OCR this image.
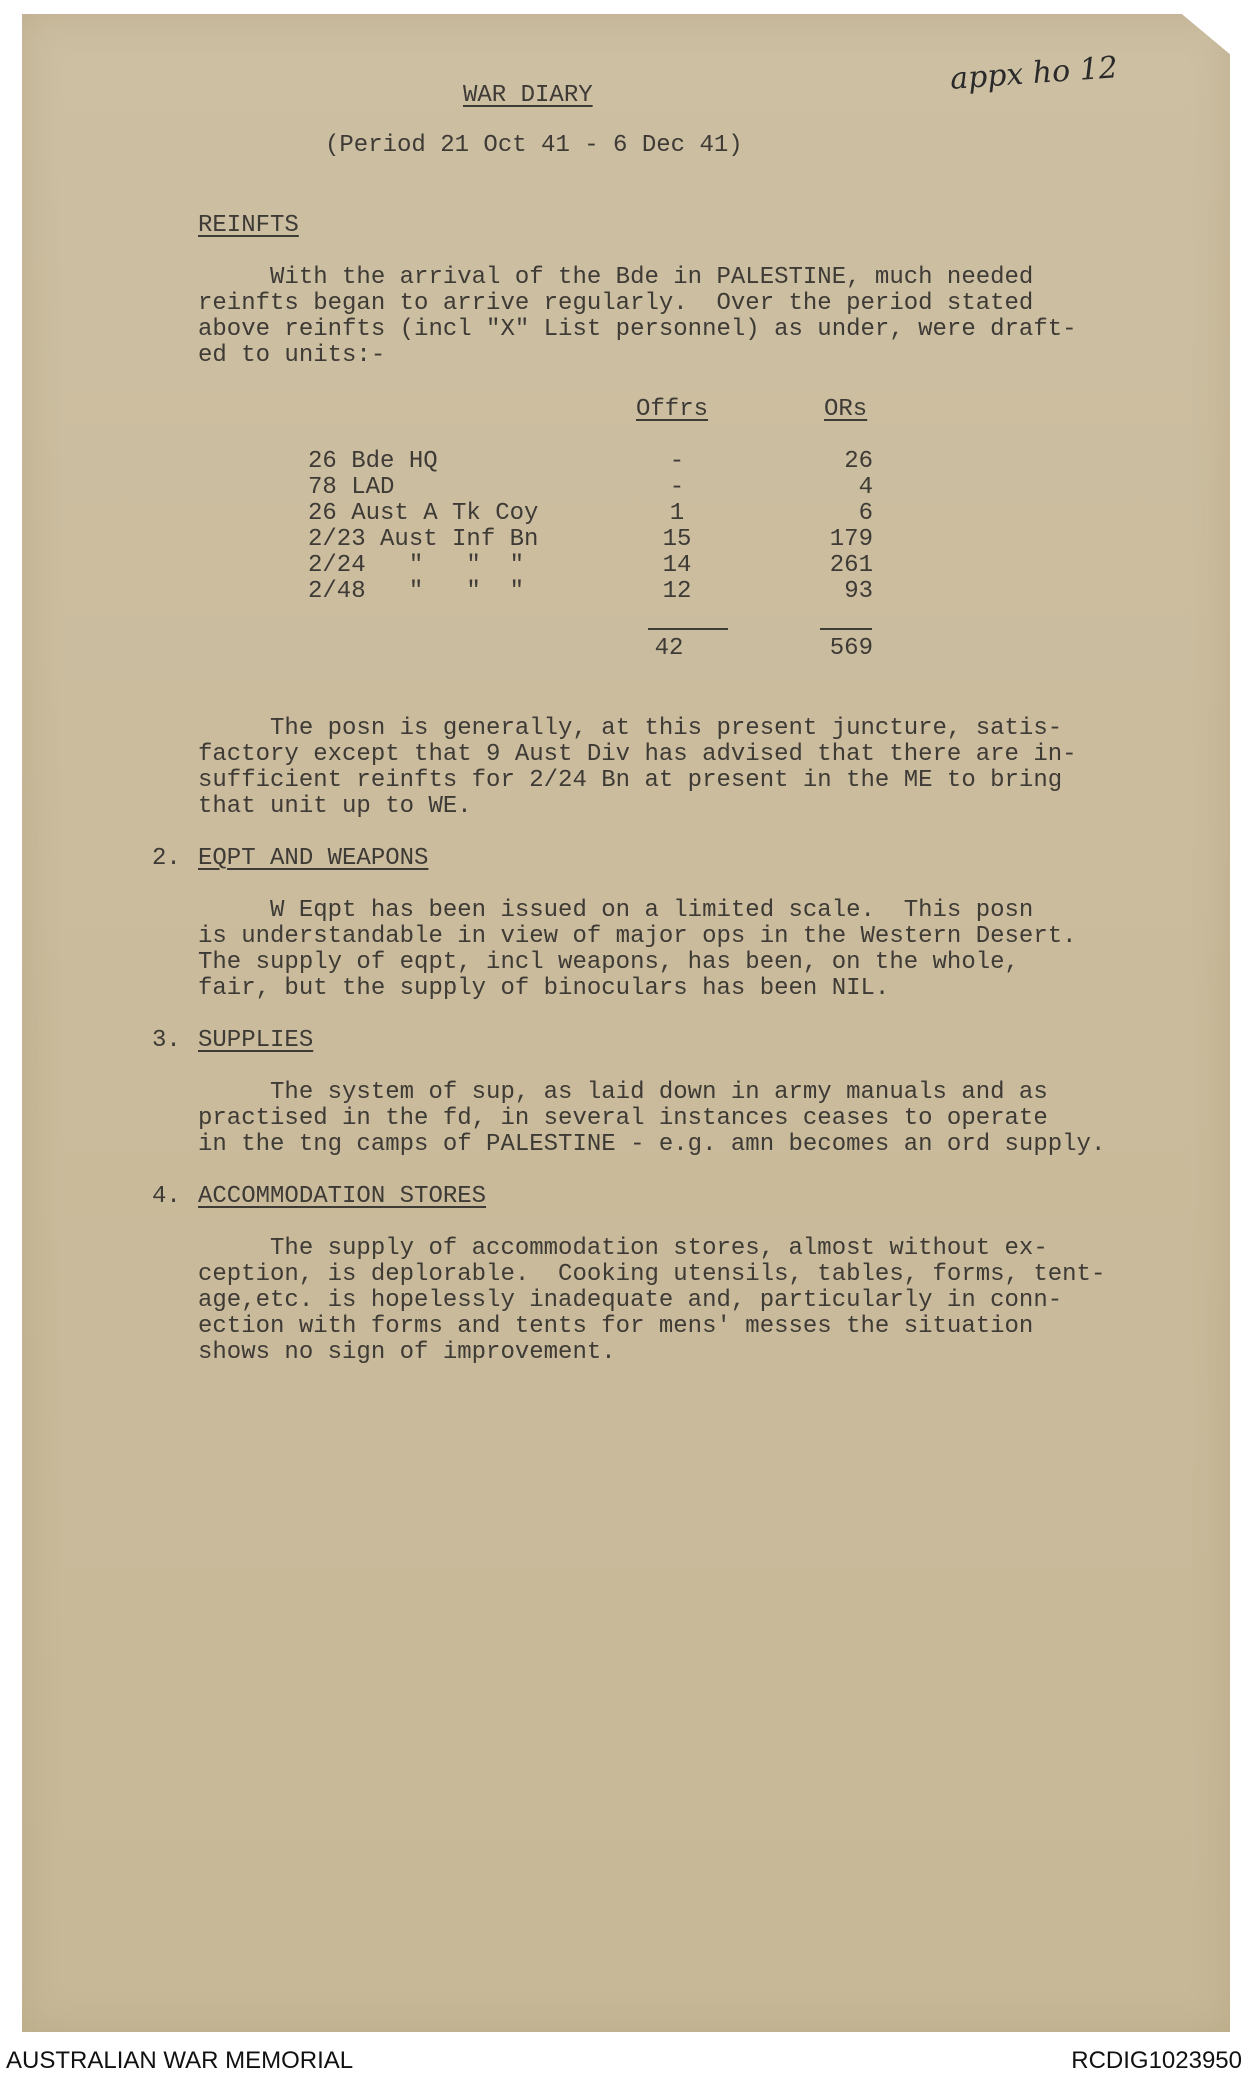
appx ho 12
WAR DIARY
(Period 21 Oct 41 - 6 Dec 41)
REINFTS
With the arrival of the Bde in PALESTINE, much needed
reinfts began to arrive regularly.  Over the period stated
above reinfts (incl "X" List personnel) as under, were draft-
ed to units:-
Offrs	ORs
26 Bde HQ	-	26
78 LAD	-	4
26 Aust A Tk Coy	1	6
2/23 Aust Inf Bn	15	179
2/24   "   "  "	14	261
2/48   "   "  "	12	93
42	569
The posn is generally, at this present juncture, satis-
factory except that 9 Aust Div has advised that there are in-
sufficient reinfts for 2/24 Bn at present in the ME to bring
that unit up to WE.
2. EQPT AND WEAPONS
W Eqpt has been issued on a limited scale.  This posn
is understandable in view of major ops in the Western Desert.
The supply of eqpt, incl weapons, has been, on the whole,
fair, but the supply of binoculars has been NIL.
3. SUPPLIES
The system of sup, as laid down in army manuals and as
practised in the fd, in several instances ceases to operate
in the tng camps of PALESTINE - e.g. amn becomes an ord supply.
4. ACCOMMODATION STORES
The supply of accommodation stores, almost without ex-
ception, is deplorable.  Cooking utensils, tables, forms, tent-
age,etc. is hopelessly inadequate and, particularly in conn-
ection with forms and tents for mens' messes the situation
shows no sign of improvement.
AUSTRALIAN WAR MEMORIAL	RCDIG1023950
